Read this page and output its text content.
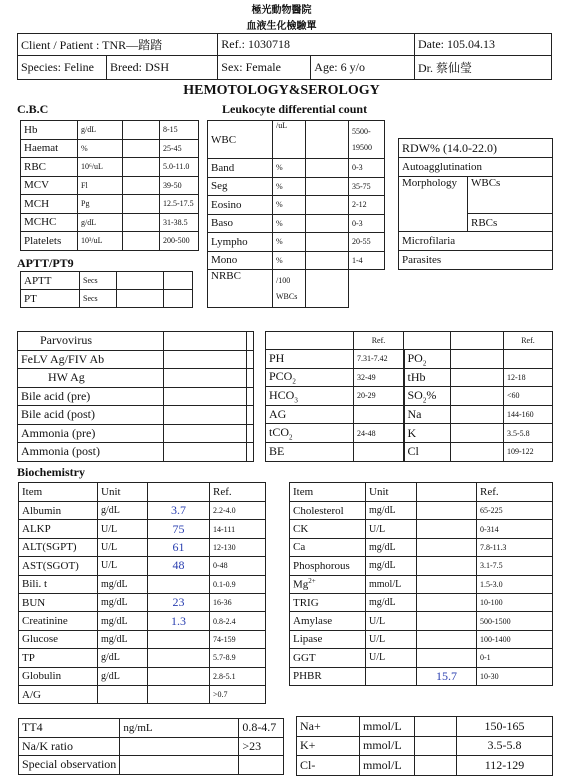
極光動物醫院
血液生化檢驗單
Client / Patient : TNR—踏踏		Ref.: 1030718		Date: 105.04.13
Species: Feline	Breed: DSH	Sex: Female	Age: 6 y/o	Dr. 蔡仙瑩
HEMOTOLOGY&SEROLOGY
C.B.C	Leukocyte differential count
Hb	g/dL		8-15
Haemat	%		25-45
RBC	10⁶/uL		5.0-11.0
MCV	Fl		39-50
MCH	Pg		12.5-17.5
MCHC	g/dL		31-38.5
Platelets	10³/uL		200-500
WBC	/uL		5500-
19500
Band	%		0-3
Seg	%		35-75
Eosino	%		2-12
Baso	%		0-3
Lympho	%		20-55
Mono	%		1-4
NRBC	/100
WBCs		
RDW% (14.0-22.0)
Autoagglutination
Morphology	WBCs
RBCs
Microfilaria
Parasites
APTT/PT9
APTT	Secs		
PT	Secs		
Parvovirus		
FeLV Ag/FIV Ab		
HW Ag		
Bile acid (pre)		
Bile acid (post)		
Ammonia (pre)		
Ammonia (post)		
	Ref.			Ref.
PH	7.31-7.42	$PO_2$		
$PCO_2$	32-49	tHb		12-18
$HCO_3$	20-29	$SO_2\%$		<60
AG		Na		144-160
tCO$_2$	24-48	K		3.5-5.8
BE		Cl		109-122
Biochemistry
Item	Unit		Ref.
Albumin	g/dL	3.7	2.2-4.0
ALKP	U/L	75	14-111
ALT(SGPT)	U/L	61	12-130
AST(SGOT)	U/L	48	0-48
Bili. t	mg/dL		0.1-0.9
BUN	mg/dL	23	16-36
Creatinine	mg/dL	1.3	0.8-2.4
Glucose	mg/dL		74-159
TP	g/dL		5.7-8.9
Globulin	g/dL		2.8-5.1
A/G			>0.7
Item	Unit		Ref.
Cholesterol	mg/dL		65-225
CK	U/L		0-314
Ca	mg/dL		7.8-11.3
Phosphorous	mg/dL		3.1-7.5
$Mg^{2+}$	mmol/L		1.5-3.0
TRIG	mg/dL		10-100
Amylase	U/L		500-1500
Lipase	U/L		100-1400
GGT	U/L		0-1
PHBR		15.7	10-30
TT4	ng/mL	0.8-4.7
Na/K ratio		>23
Special observation		
Na+	mmol/L		150-165
K+	mmol/L		3.5-5.8
Cl-	mmol/L		112-129
